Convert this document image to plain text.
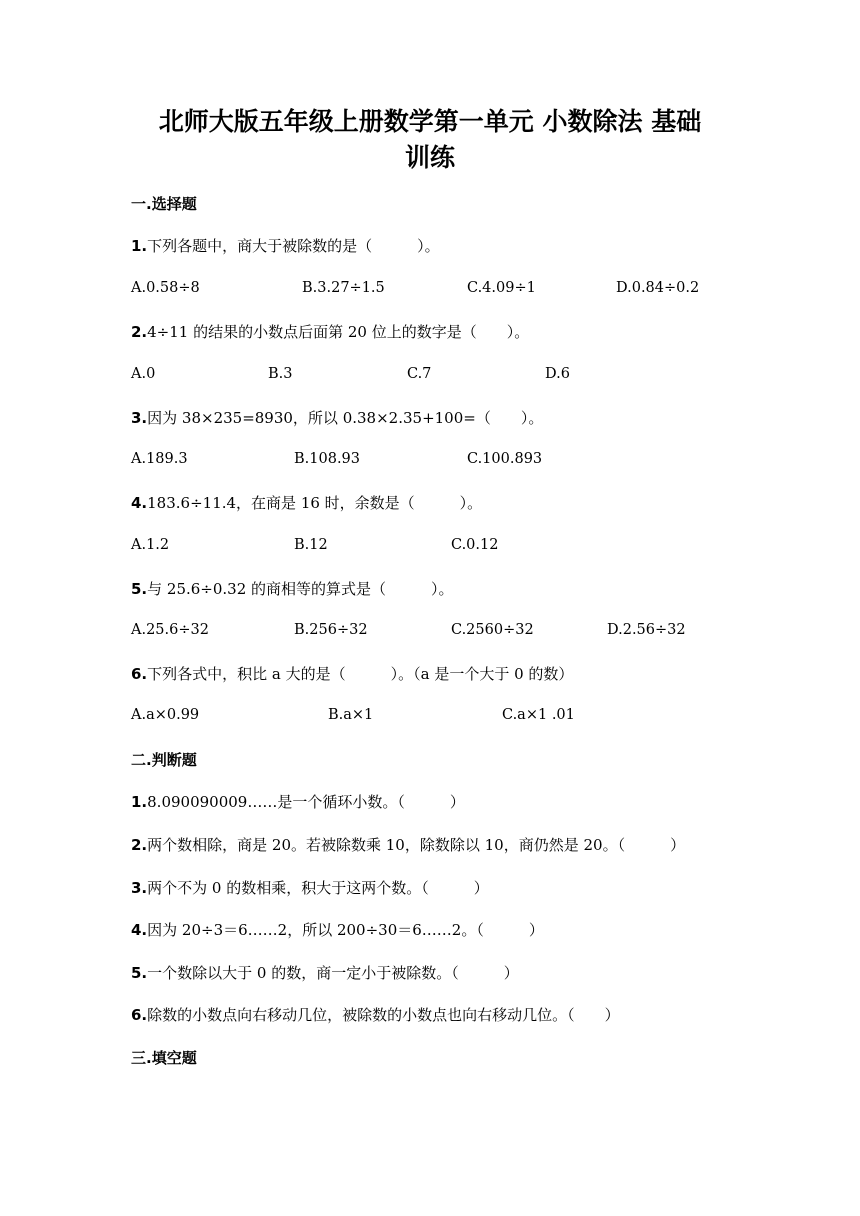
北师大版五年级上册数学第一单元 小数除法 基础
训练
一.选择题
1.下列各题中，商大于被除数的是（　　　）。
A.0.58÷8	B.3.27÷1.5	C.4.09÷1	D.0.84÷0.2
2.4÷11 的结果的小数点后面第 20 位上的数字是（　　）。
A.0	B.3	C.7	D.6
3.因为 38×235=8930，所以 0.38×2.35+100=（　　）。
A.189.3	B.108.93	C.100.893
4.183.6÷11.4，在商是 16 时，余数是（　　　）。
A.1.2	B.12	C.0.12
5.与 25.6÷0.32 的商相等的算式是（　　　）。
A.25.6÷32	B.256÷32	C.2560÷32	D.2.56÷32
6.下列各式中，积比 a 大的是（　　　）。（a 是一个大于 0 的数）
A.a×0.99	B.a×1	C.a×1 .01
二.判断题
1.8.090090009……是一个循环小数。（　　　）
2.两个数相除，商是 20。若被除数乘 10，除数除以 10，商仍然是 20。（　　　）
3.两个不为 0 的数相乘，积大于这两个数。（　　　）
4.因为 20÷3＝6……2，所以 200÷30＝6……2。（　　　）
5.一个数除以大于 0 的数，商一定小于被除数。（　　　）
6.除数的小数点向右移动几位，被除数的小数点也向右移动几位。（　　）
三.填空题
